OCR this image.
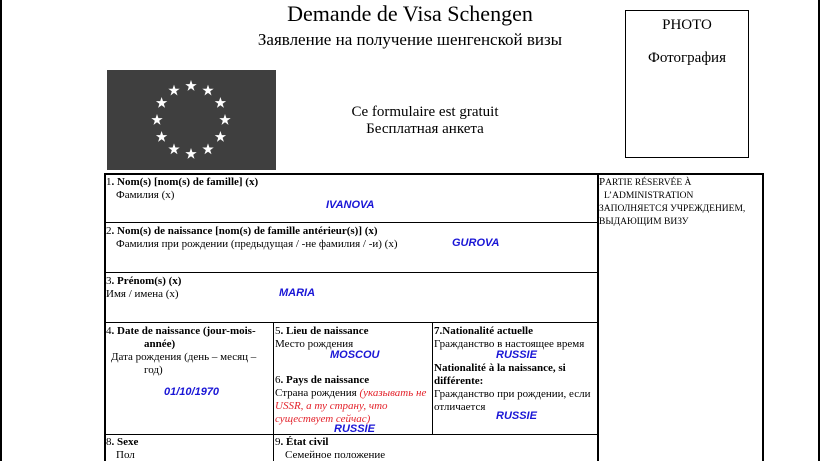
Demande de Visa Schengen
Заявление на получение шенгенской визы
PHOTO
Фотография
Ce formulaire est gratuit
Бесплатная анкета
PARTIE RÉSERVÉE À
L’ADMINISTRATION
ЗАПОЛНЯЕТСЯ УЧРЕЖДЕНИЕМ,
ВЫДАЮЩИМ ВИЗУ
1. Nom(s) [nom(s) de famille] (x)
Фамилия (x)
IVANOVA
2. Nom(s) de naissance [nom(s) de famille antérieur(s)] (x)
Фамилия при рождении (предыдущая / -не фамилия / -и) (x)	GUROVA
3. Prénom(s) (x)
Имя / имена (x)	MARIA
4. Date de naissance (jour-mois-
année)
Дата рождения (день – месяц –
год)
01/10/1970
5. Lieu de naissance
Место рождения
MOSCOU
6. Pays de naissance
Страна рождения (указывать не
USSR, а ту страну, что
существует сейчас)
RUSSIE
7.Nationalité actuelle
Гражданство в настоящее время
RUSSIE
Nationalité à la naissance, si
différente:
Гражданство при рождении, если
отличается
RUSSIE
8. Sexe
Пол
9. État civil
Семейное положение
